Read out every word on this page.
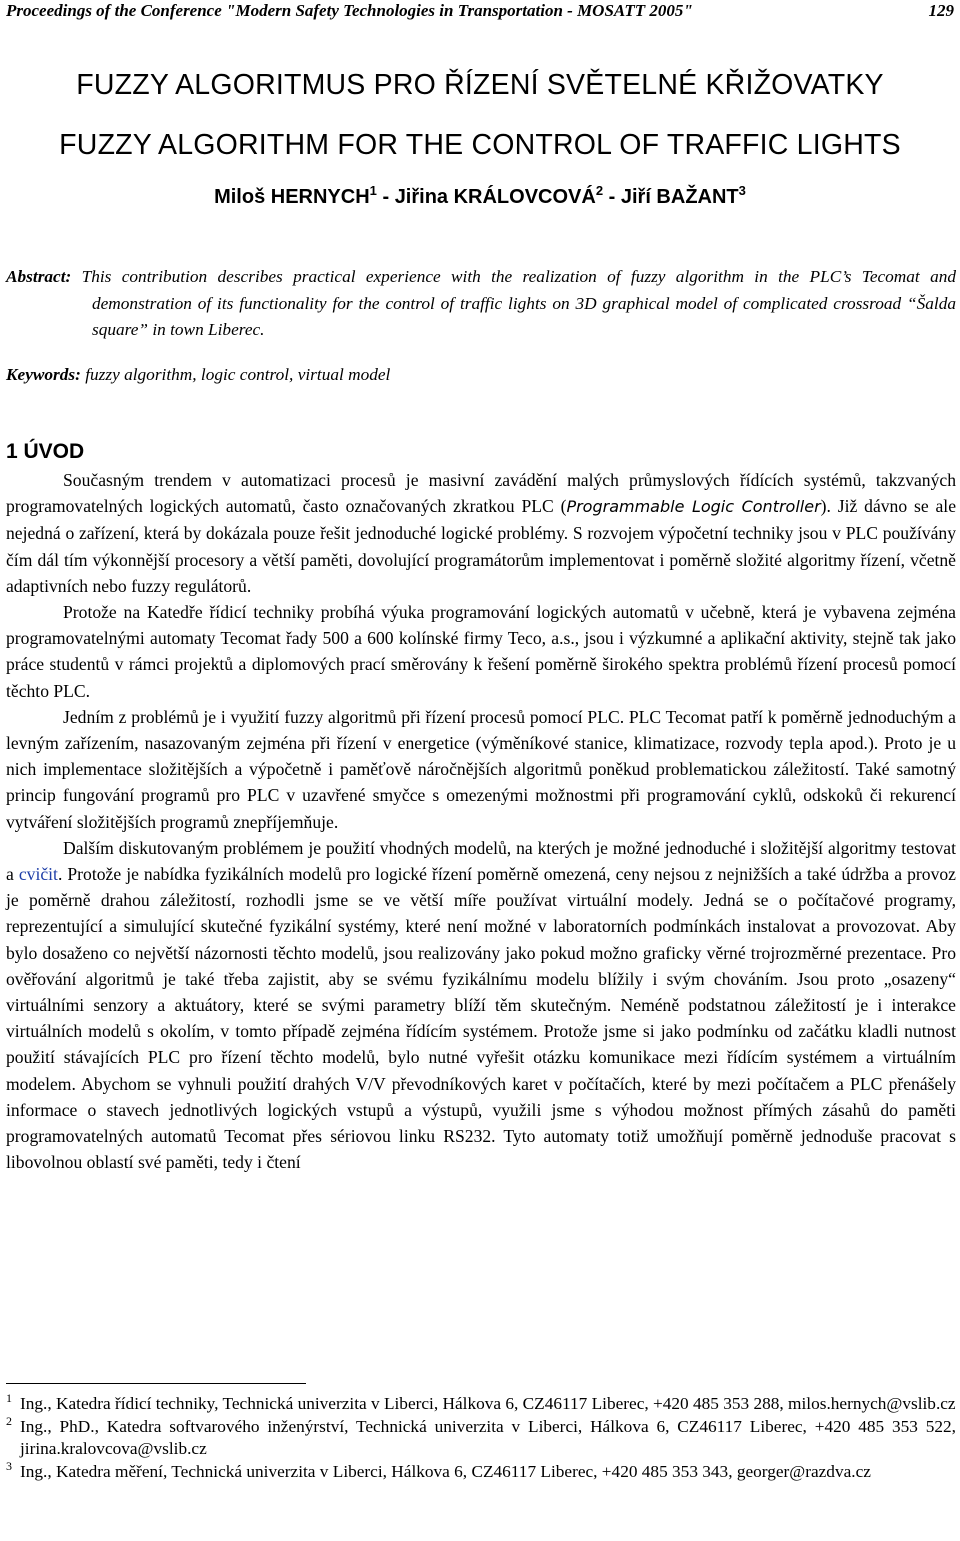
Proceedings of the Conference "Modern Safety Technologies in Transportation - MOSATT 2005"	129
FUZZY ALGORITMUS PRO ŘÍZENÍ SVĚTELNÉ KŘIŽOVATKY
FUZZY ALGORITHM FOR THE CONTROL OF TRAFFIC LIGHTS
Miloš HERNYCH$^1$ - Jiřina KRÁLOVCOVÁ$^2$ - Jiří BAŽANT$^3$
Abstract: This contribution describes practical experience with the realization of fuzzy algorithm in the PLC’s Tecomat and demonstration of its functionality for the control of traffic lights on 3D graphical model of complicated crossroad “Šalda square” in town Liberec.
Keywords: fuzzy algorithm, logic control, virtual model
1 ÚVOD

Současným trendem v automatizaci procesů je masivní zavádění malých průmyslových řídících systémů, takzvaných programovatelných logických automatů, často označovaných zkratkou PLC (Programmable Logic Controller). Již dávno se ale nejedná o zařízení, která by dokázala pouze řešit jednoduché logické problémy. S rozvojem výpočetní techniky jsou v PLC používány čím dál tím výkonnější procesory a větší paměti, dovolující programátorům implementovat i poměrně složité algoritmy řízení, včetně adaptivních nebo fuzzy regulátorů.

Protože na Katedře řídicí techniky probíhá výuka programování logických automatů v učebně, která je vybavena zejména programovatelnými automaty Tecomat řady 500 a 600 kolínské firmy Teco, a.s., jsou i výzkumné a aplikační aktivity, stejně tak jako práce studentů v rámci projektů a diplomových prací směrovány k řešení poměrně širokého spektra problémů řízení procesů pomocí těchto PLC.

Jedním z problémů je i využití fuzzy algoritmů při řízení procesů pomocí PLC. PLC Tecomat patří k poměrně jednoduchým a levným zařízením, nasazovaným zejména při řízení v energetice (výměníkové stanice, klimatizace, rozvody tepla apod.). Proto je u nich implementace složitějších a výpočetně i paměťově náročnějších algoritmů poněkud problematickou záležitostí. Také samotný princip fungování programů pro PLC v uzavřené smyčce s omezenými možnostmi při programování cyklů, odskoků či rekurencí vytváření složitějších programů znepříjemňuje.

Dalším diskutovaným problémem je použití vhodných modelů, na kterých je možné jednoduché i složitější algoritmy testovat a cvičit. Protože je nabídka fyzikálních modelů pro logické řízení poměrně omezená, ceny nejsou z nejnižších a také údržba a provoz je poměrně drahou záležitostí, rozhodli jsme se ve větší míře používat virtuální modely. Jedná se o počítačové programy, reprezentující a simulující skutečné fyzikální systémy, které není možné v laboratorních podmínkách instalovat a provozovat. Aby bylo dosaženo co největší názornosti těchto modelů, jsou realizovány jako pokud možno graficky věrné trojrozměrné prezentace. Pro ověřování algoritmů je také třeba zajistit, aby se svému fyzikálnímu modelu blížily i svým chováním. Jsou proto „osazeny“ virtuálními senzory a aktuátory, které se svými parametry blíží těm skutečným. Neméně podstatnou záležitostí je i interakce virtuálních modelů s okolím, v tomto případě zejména řídícím systémem. Protože jsme si jako podmínku od začátku kladli nutnost použití stávajících PLC pro řízení těchto modelů, bylo nutné vyřešit otázku komunikace mezi řídícím systémem a virtuálním modelem. Abychom se vyhnuli použití drahých V/V převodníkových karet v počítačích, které by mezi počítačem a PLC přenášely informace o stavech jednotlivých logických vstupů a výstupů, využili jsme s výhodou možnost přímých zásahů do paměti programovatelných automatů Tecomat přes sériovou linku RS232. Tyto automaty totiž umožňují poměrně jednoduše pracovat s libovolnou oblastí své paměti, tedy i čtení

1 Ing., Katedra řídicí techniky, Technická univerzita v Liberci, Hálkova 6, CZ46117 Liberec, +420 485 353 288, milos.hernych@vslib.cz

2 Ing., PhD., Katedra softvarového inženýrství, Technická univerzita v Liberci, Hálkova 6, CZ46117 Liberec, +420 485 353 522, jirina.kralovcova@vslib.cz

3 Ing., Katedra měření, Technická univerzita v Liberci, Hálkova 6, CZ46117 Liberec, +420 485 353 343, georger@razdva.cz
